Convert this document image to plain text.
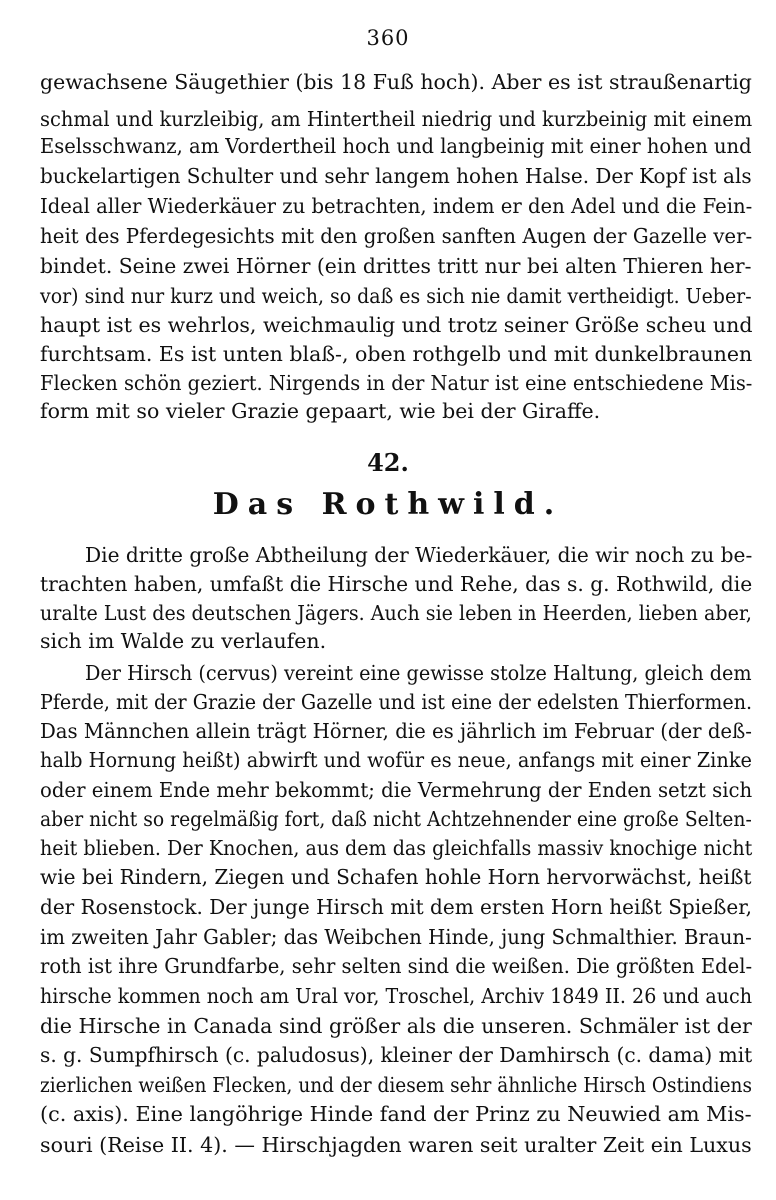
360
gewachsene Säugethier (bis 18 Fuß hoch). Aber es ist straußenartig
schmal und kurzleibig, am Hintertheil niedrig und kurzbeinig mit einem
Eselsschwanz, am Vordertheil hoch und langbeinig mit einer hohen und
buckelartigen Schulter und sehr langem hohen Halse. Der Kopf ist als
Ideal aller Wiederkäuer zu betrachten, indem er den Adel und die Fein-
heit des Pferdegesichts mit den großen sanften Augen der Gazelle ver-
bindet. Seine zwei Hörner (ein drittes tritt nur bei alten Thieren her-
vor) sind nur kurz und weich, so daß es sich nie damit vertheidigt. Ueber-
haupt ist es wehrlos, weichmaulig und trotz seiner Größe scheu und
furchtsam. Es ist unten blaß-, oben rothgelb und mit dunkelbraunen
Flecken schön geziert. Nirgends in der Natur ist eine entschiedene Mis-
form mit so vieler Grazie gepaart, wie bei der Giraffe.
42.
Das Rothwild.
Die dritte große Abtheilung der Wiederkäuer, die wir noch zu be-
trachten haben, umfaßt die Hirsche und Rehe, das s. g. Rothwild, die
uralte Lust des deutschen Jägers. Auch sie leben in Heerden, lieben aber,
sich im Walde zu verlaufen.
Der Hirsch (cervus) vereint eine gewisse stolze Haltung, gleich dem
Pferde, mit der Grazie der Gazelle und ist eine der edelsten Thierformen.
Das Männchen allein trägt Hörner, die es jährlich im Februar (der deß-
halb Hornung heißt) abwirft und wofür es neue, anfangs mit einer Zinke
oder einem Ende mehr bekommt; die Vermehrung der Enden setzt sich
aber nicht so regelmäßig fort, daß nicht Achtzehnender eine große Selten-
heit blieben. Der Knochen, aus dem das gleichfalls massiv knochige nicht
wie bei Rindern, Ziegen und Schafen hohle Horn hervorwächst, heißt
der Rosenstock. Der junge Hirsch mit dem ersten Horn heißt Spießer,
im zweiten Jahr Gabler; das Weibchen Hinde, jung Schmalthier. Braun-
roth ist ihre Grundfarbe, sehr selten sind die weißen. Die größten Edel-
hirsche kommen noch am Ural vor, Troschel, Archiv 1849 II. 26 und auch
die Hirsche in Canada sind größer als die unseren. Schmäler ist der
s. g. Sumpfhirsch (c. paludosus), kleiner der Damhirsch (c. dama) mit
zierlichen weißen Flecken, und der diesem sehr ähnliche Hirsch Ostindiens
(c. axis). Eine langöhrige Hinde fand der Prinz zu Neuwied am Mis-
souri (Reise II. 4). — Hirschjagden waren seit uralter Zeit ein Luxus
